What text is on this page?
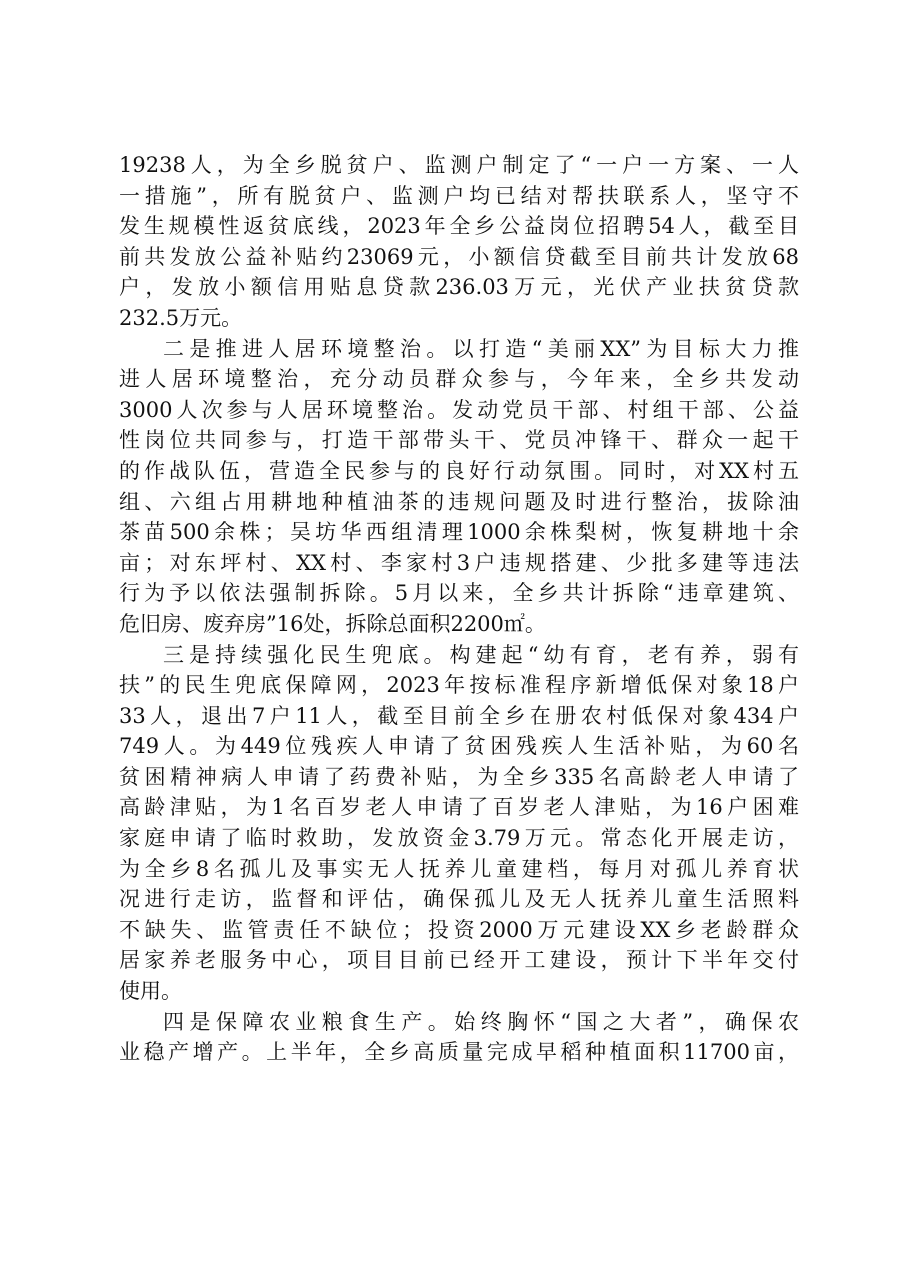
19238人，为全乡脱贫户、监测户制定了“一户一方案、一人
一措施”，所有脱贫户、监测户均已结对帮扶联系人，坚守不
发生规模性返贫底线，2023年全乡公益岗位招聘54人，截至目
前共发放公益补贴约23069元，小额信贷截至目前共计发放68
户，发放小额信用贴息贷款236.03万元，光伏产业扶贫贷款
232.5万元。
二是推进人居环境整治。以打造“美丽XX”为目标大力推
进人居环境整治，充分动员群众参与，今年来，全乡共发动
3000人次参与人居环境整治。发动党员干部、村组干部、公益
性岗位共同参与，打造干部带头干、党员冲锋干、群众一起干
的作战队伍，营造全民参与的良好行动氛围。同时，对XX村五
组、六组占用耕地种植油茶的违规问题及时进行整治，拔除油
茶苗500余株；吴坊华西组清理1000余株梨树，恢复耕地十余
亩；对东坪村、XX村、李家村3户违规搭建、少批多建等违法
行为予以依法强制拆除。5月以来，全乡共计拆除“违章建筑、
危旧房、废弃房”16处，拆除总面积2200㎡。
三是持续强化民生兜底。构建起“幼有育，老有养，弱有
扶”的民生兜底保障网，2023年按标准程序新增低保对象18户
33人，退出7户11人，截至目前全乡在册农村低保对象434户
749人。为449位残疾人申请了贫困残疾人生活补贴，为60名
贫困精神病人申请了药费补贴，为全乡335名高龄老人申请了
高龄津贴，为1名百岁老人申请了百岁老人津贴，为16户困难
家庭申请了临时救助，发放资金3.79万元。常态化开展走访，
为全乡8名孤儿及事实无人抚养儿童建档，每月对孤儿养育状
况进行走访，监督和评估，确保孤儿及无人抚养儿童生活照料
不缺失、监管责任不缺位；投资2000万元建设XX乡老龄群众
居家养老服务中心，项目目前已经开工建设，预计下半年交付
使用。
四是保障农业粮食生产。始终胸怀“国之大者”，确保农
业稳产增产。上半年，全乡高质量完成早稻种植面积11700亩，
